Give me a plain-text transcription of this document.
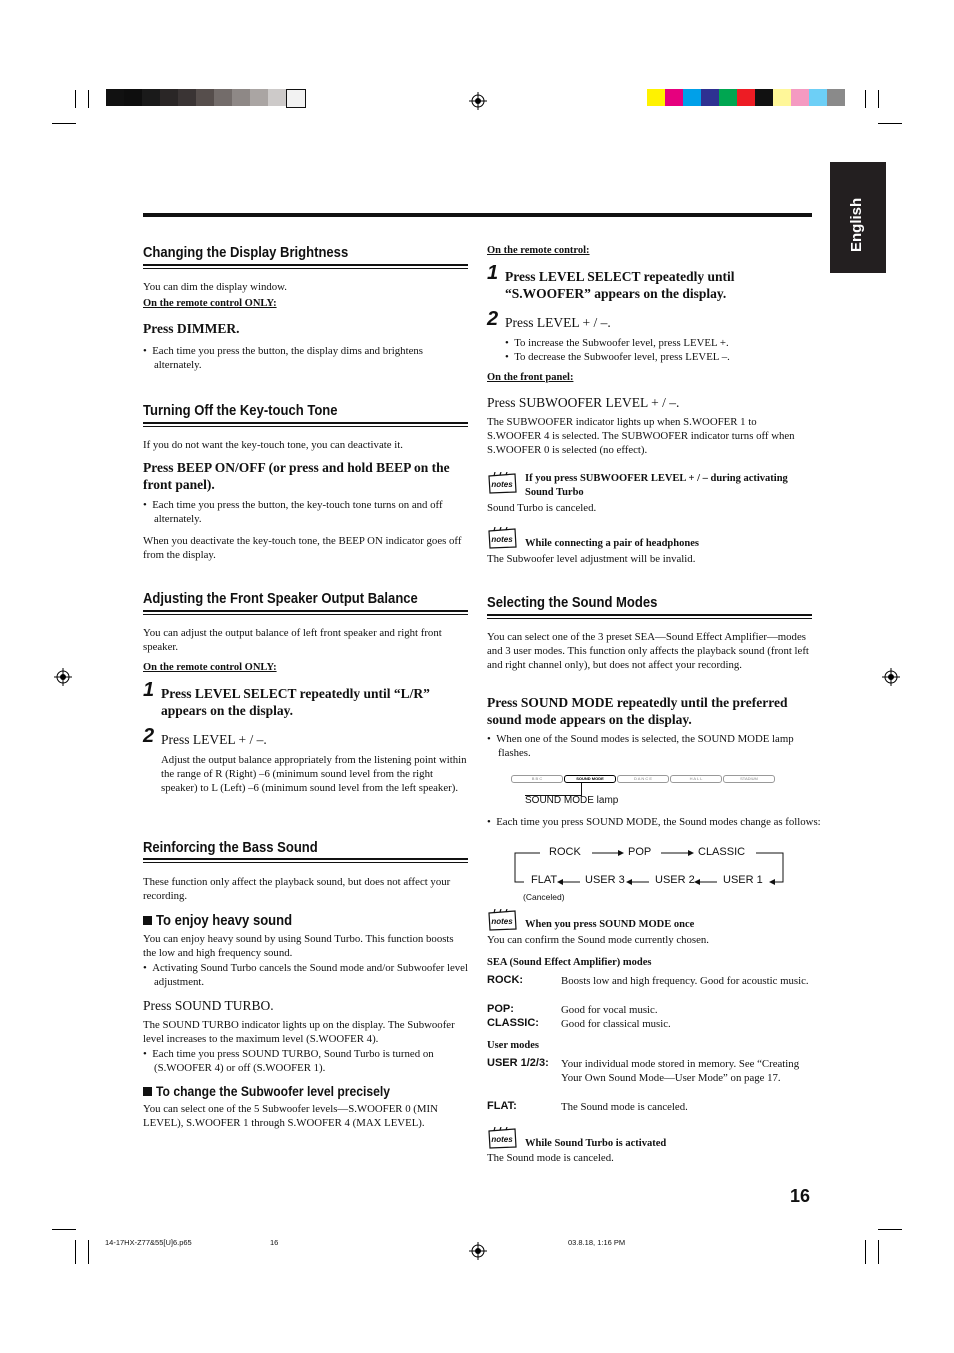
English
Changing the Display Brightness
You can dim the display window.
On the remote control ONLY:
Press DIMMER.
•  Each time you press the button, the display dims and brightens alternately.
Turning Off the Key-touch Tone
If you do not want the key-touch tone, you can deactivate it.
Press BEEP ON/OFF (or press and hold BEEP on the front panel).
•  Each time you press the button, the key-touch tone turns on and off alternately.
When you deactivate the key-touch tone, the BEEP ON indicator goes off from the display.
Adjusting the Front Speaker Output Balance
You can adjust the output balance of left front speaker and right front speaker.
On the remote control ONLY:
1 Press LEVEL SELECT repeatedly until “L/R” appears on the display.
2 Press LEVEL + / –.
Adjust the output balance appropriately from the listening point within the range of R (Right) –6 (minimum sound level from the right speaker) to L (Left) –6 (minimum sound level from the left speaker).
Reinforcing the Bass Sound
These function only affect the playback sound, but does not affect your recording.
To enjoy heavy sound
You can enjoy heavy sound by using Sound Turbo. This function boosts the low and high frequency sound.
•  Activating Sound Turbo cancels the Sound mode and/or Subwoofer level adjustment.
Press SOUND TURBO.
The SOUND TURBO indicator lights up on the display. The Subwoofer level increases to the maximum level (S.WOOFER 4).
•  Each time you press SOUND TURBO, Sound Turbo is turned on (S.WOOFER 4) or off (S.WOOFER 1).
To change the Subwoofer level precisely
You can select one of the 5 Subwoofer levels—S.WOOFER 0 (MIN LEVEL), S.WOOFER 1 through S.WOOFER 4 (MAX LEVEL).
On the remote control:
1 Press LEVEL SELECT repeatedly until “S.WOOFER” appears on the display.
2 Press LEVEL + / –.
•  To increase the Subwoofer level, press LEVEL +.
•  To decrease the Subwoofer level, press LEVEL –.
On the front panel:
Press SUBWOOFER LEVEL + / –.
The SUBWOOFER indicator lights up when S.WOOFER 1 to S.WOOFER 4 is selected. The SUBWOOFER indicator turns off when S.WOOFER 0 is selected (no effect).
notes
If you press SUBWOOFER LEVEL + / – during activating Sound Turbo
Sound Turbo is canceled.
notes While connecting a pair of headphones
The Subwoofer level adjustment will be invalid.
Selecting the Sound Modes
You can select one of the 3 preset SEA—Sound Effect Amplifier—modes and 3 user modes. This function only affects the playback sound (front left and right channel only), but does not affect your recording.
Press SOUND MODE repeatedly until the preferred sound mode appears on the display.
•  When one of the Sound modes is selected, the SOUND MODE lamp flashes.
B B C	SOUND MODE	D A N C E	H A L L	STADIUM
SOUND MODE lamp
•  Each time you press SOUND MODE, the Sound modes change as follows:
ROCK	POP	CLASSIC
USER 1
USER 2
USER 3
FLAT
(Canceled)
notes When you press SOUND MODE once
You can confirm the Sound mode currently chosen.
SEA (Sound Effect Amplifier) modes
ROCK:	Boosts low and high frequency. Good for acoustic music.
POP:	Good for vocal music.
CLASSIC: Good for classical music.
User modes
USER 1/2/3: Your individual mode stored in memory. See “Creating Your Own Sound Mode—User Mode” on page 17.
FLAT:	The Sound mode is canceled.
notes While Sound Turbo is activated
The Sound mode is canceled.
16
14-17HX-Z77&55[U]6.p65	16	03.8.18, 1:16 PM
